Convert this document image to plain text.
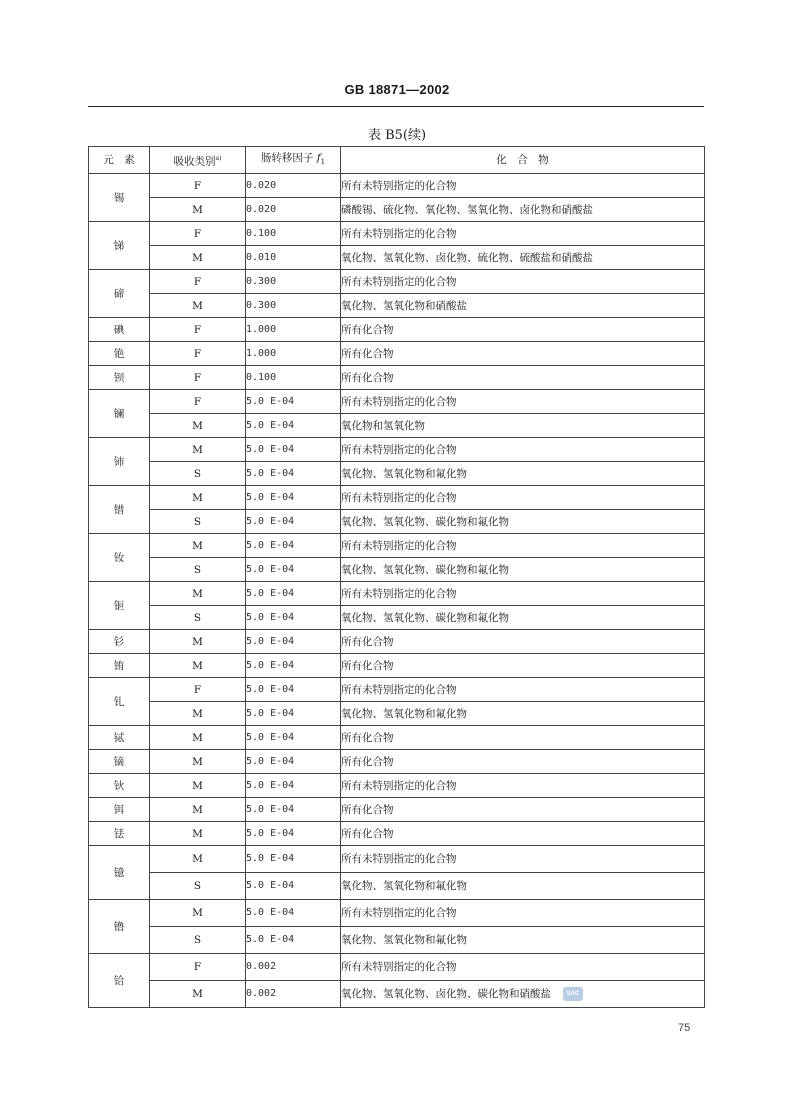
GB 18871—2002
表 B5(续)
元　素	吸收类别$^{a)}$	肠转移因子 $f_1$	化　合　物
锡	F	0.020	所有未特别指定的化合物
	M	0.020	磷酸锡、硫化物、氧化物、氢氧化物、卤化物和硝酸盐
锑	F	0.100	所有未特别指定的化合物
	M	0.010	氧化物、氢氧化物、卤化物、硫化物、硫酸盐和硝酸盐
碲	F	0.300	所有未特别指定的化合物
	M	0.300	氧化物、氢氧化物和硝酸盐
碘	F	1.000	所有化合物
铯	F	1.000	所有化合物
钡	F	0.100	所有化合物
镧	F	5.0 E-04	所有未特别指定的化合物
	M	5.0 E-04	氧化物和氢氧化物
铈	M	5.0 E-04	所有未特别指定的化合物
	S	5.0 E-04	氧化物、氢氧化物和氟化物
镨	M	5.0 E-04	所有未特别指定的化合物
	S	5.0 E-04	氧化物、氢氧化物、碳化物和氟化物
钕	M	5.0 E-04	所有未特别指定的化合物
	S	5.0 E-04	氧化物、氢氧化物、碳化物和氟化物
钷	M	5.0 E-04	所有未特别指定的化合物
	S	5.0 E-04	氧化物、氢氧化物、碳化物和氟化物
钐	M	5.0 E-04	所有化合物
铕	M	5.0 E-04	所有化合物
钆	F	5.0 E-04	所有未特别指定的化合物
	M	5.0 E-04	氧化物、氢氧化物和氟化物
铽	M	5.0 E-04	所有化合物
镝	M	5.0 E-04	所有化合物
钬	M	5.0 E-04	所有未特别指定的化合物
铒	M	5.0 E-04	所有化合物
铥	M	5.0 E-04	所有化合物
镱	M	5.0 E-04	所有未特别指定的化合物
	S	5.0 E-04	氧化物、氢氧化物和氟化物
镥	M	5.0 E-04	所有未特别指定的化合物
	S	5.0 E-04	氧化物、氢氧化物和氟化物
铪	F	0.002	所有未特别指定的化合物
	M	0.002	氧化物、氢氧化物、卤化物、碳化物和硝酸盐 SAC
75
